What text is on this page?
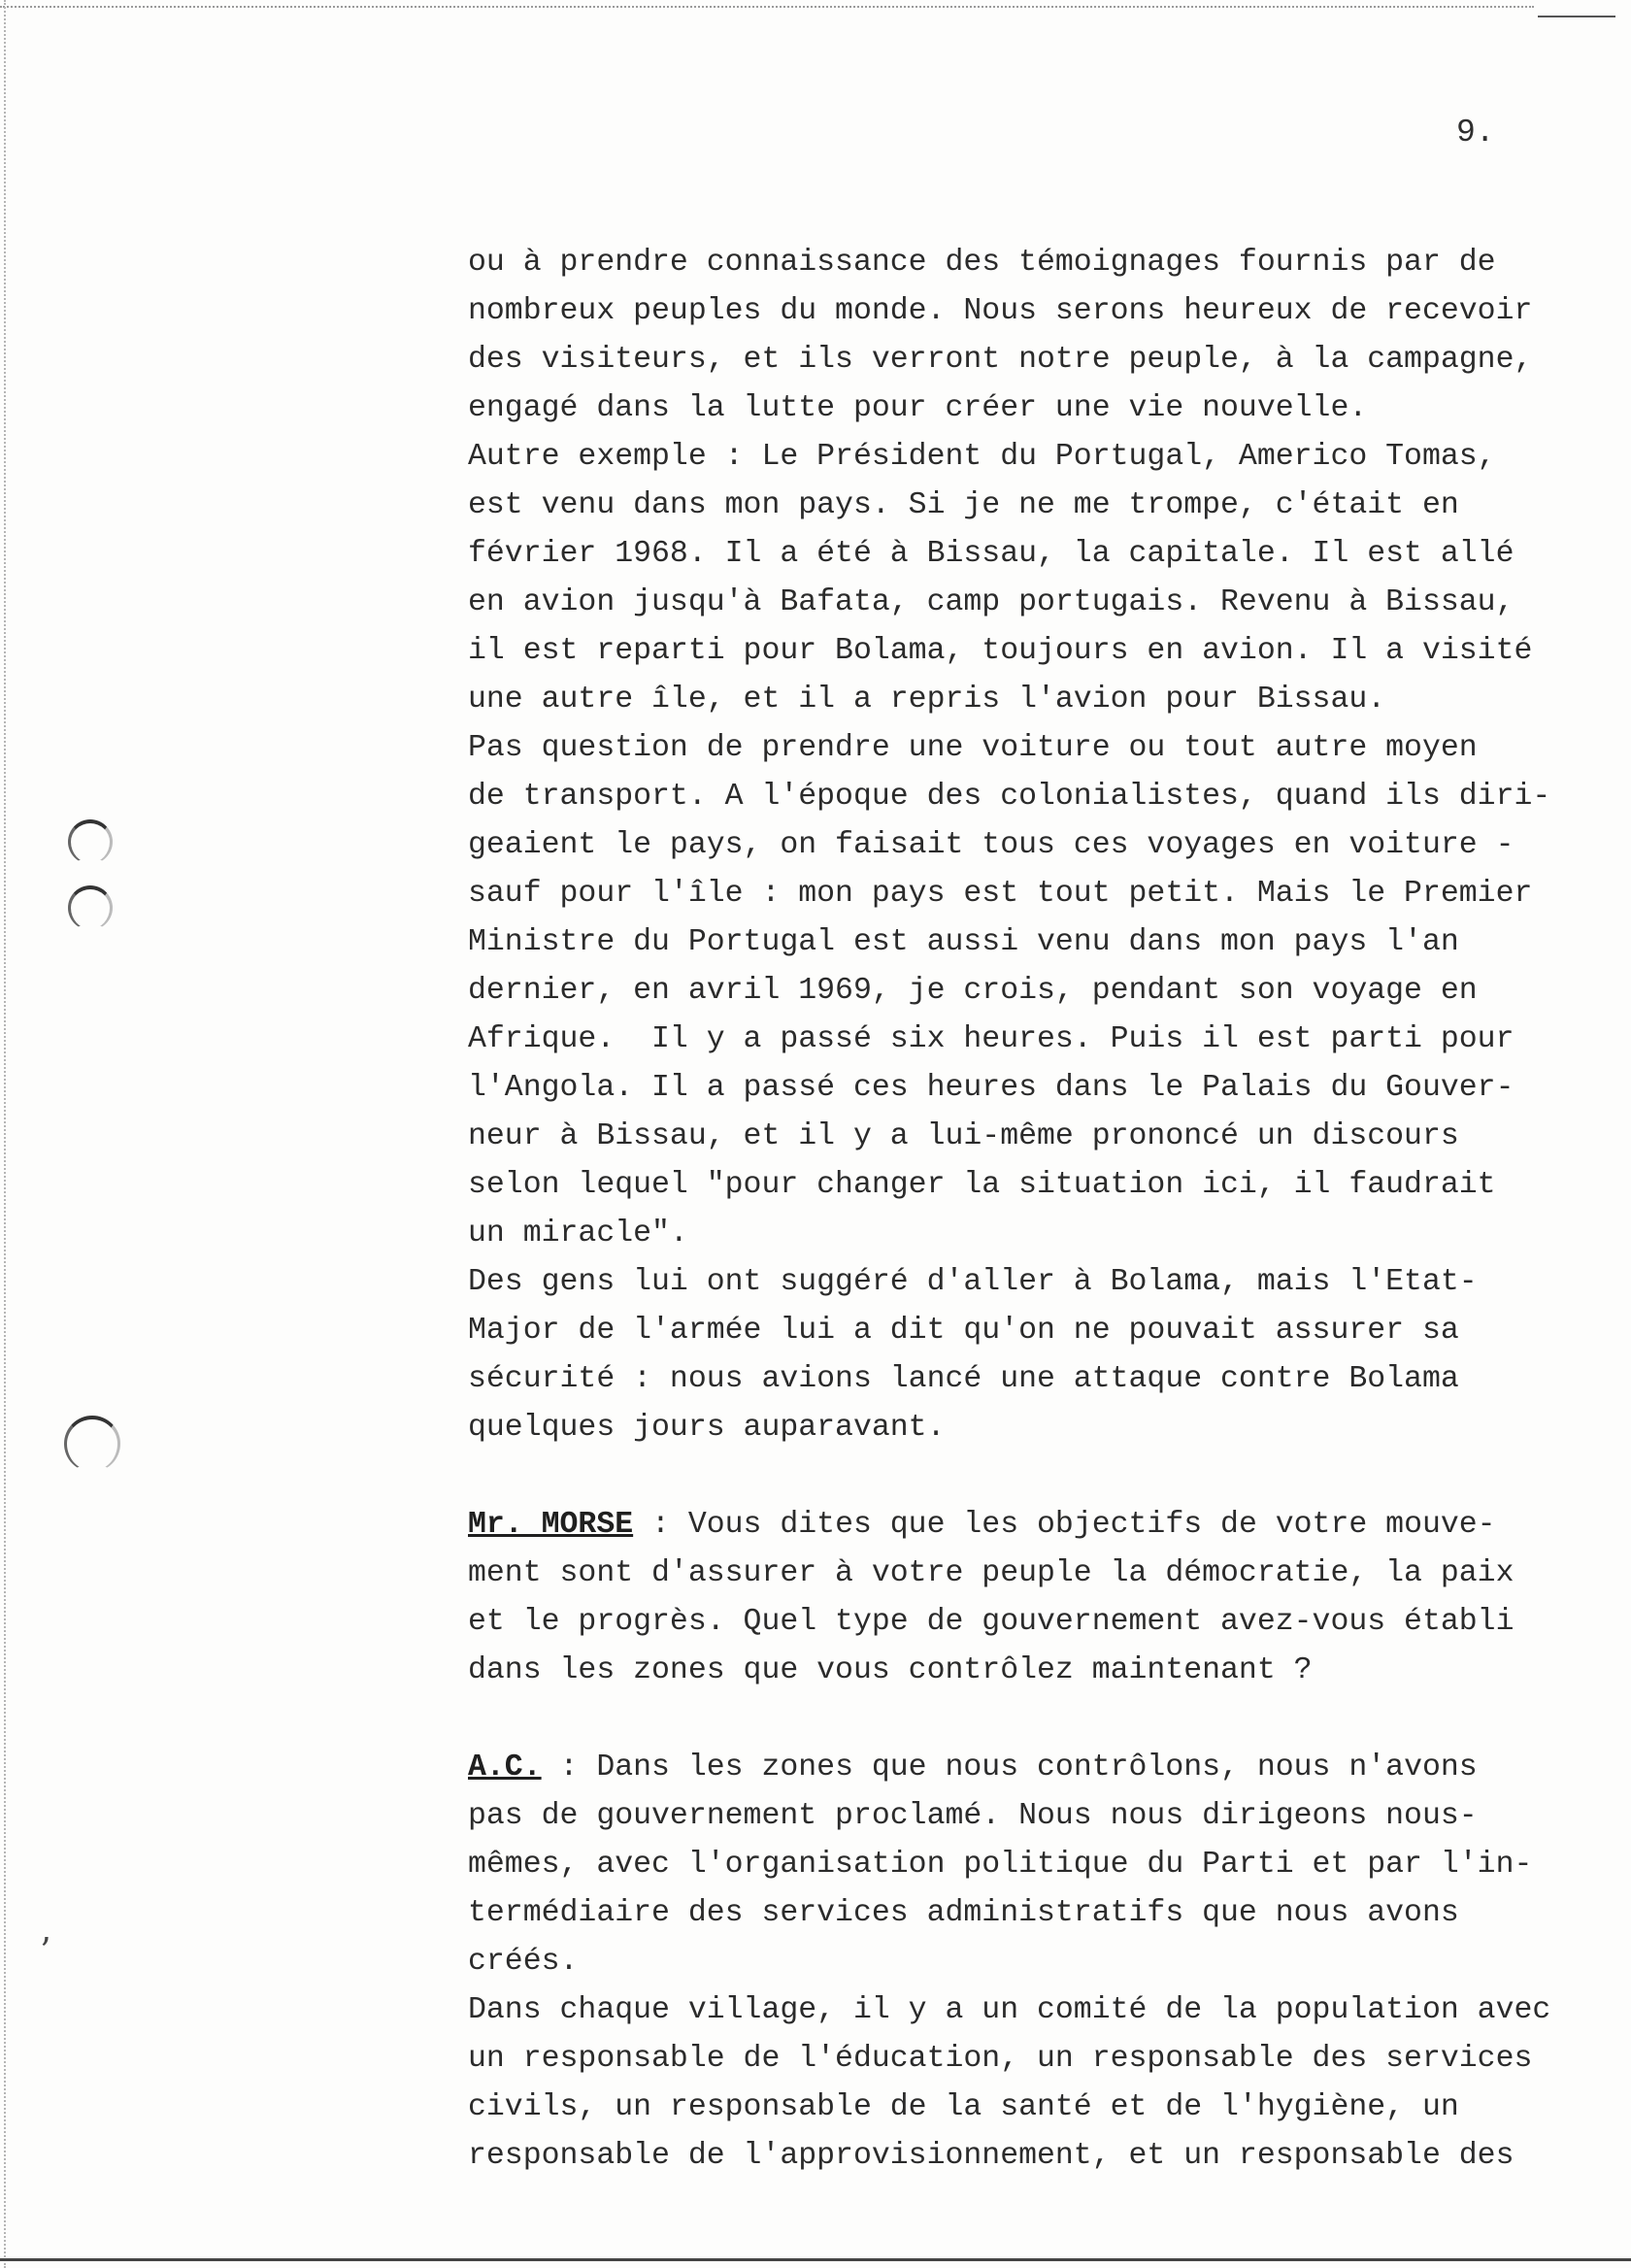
ʼ
9.
ou à prendre connaissance des témoignages fournis par de
nombreux peuples du monde. Nous serons heureux de recevoir
des visiteurs, et ils verront notre peuple, à la campagne,
engagé dans la lutte pour créer une vie nouvelle.
Autre exemple : Le Président du Portugal, Americo Tomas,
est venu dans mon pays. Si je ne me trompe, c'était en
février 1968. Il a été à Bissau, la capitale. Il est allé
en avion jusqu'à Bafata, camp portugais. Revenu à Bissau,
il est reparti pour Bolama, toujours en avion. Il a visité
une autre île, et il a repris l'avion pour Bissau.
Pas question de prendre une voiture ou tout autre moyen
de transport. A l'époque des colonialistes, quand ils diri-
geaient le pays, on faisait tous ces voyages en voiture -
sauf pour l'île : mon pays est tout petit. Mais le Premier
Ministre du Portugal est aussi venu dans mon pays l'an
dernier, en avril 1969, je crois, pendant son voyage en
Afrique.  Il y a passé six heures. Puis il est parti pour
l'Angola. Il a passé ces heures dans le Palais du Gouver-
neur à Bissau, et il y a lui-même prononcé un discours
selon lequel "pour changer la situation ici, il faudrait
un miracle".
Des gens lui ont suggéré d'aller à Bolama, mais l'Etat-
Major de l'armée lui a dit qu'on ne pouvait assurer sa
sécurité : nous avions lancé une attaque contre Bolama
quelques jours auparavant.
Mr. MORSE : Vous dites que les objectifs de votre mouve-
ment sont d'assurer à votre peuple la démocratie, la paix
et le progrès. Quel type de gouvernement avez-vous établi
dans les zones que vous contrôlez maintenant ?
A.C. : Dans les zones que nous contrôlons, nous n'avons
pas de gouvernement proclamé. Nous nous dirigeons nous-
mêmes, avec l'organisation politique du Parti et par l'in-
termédiaire des services administratifs que nous avons
créés.
Dans chaque village, il y a un comité de la population avec
un responsable de l'éducation, un responsable des services
civils, un responsable de la santé et de l'hygiène, un
responsable de l'approvisionnement, et un responsable des
